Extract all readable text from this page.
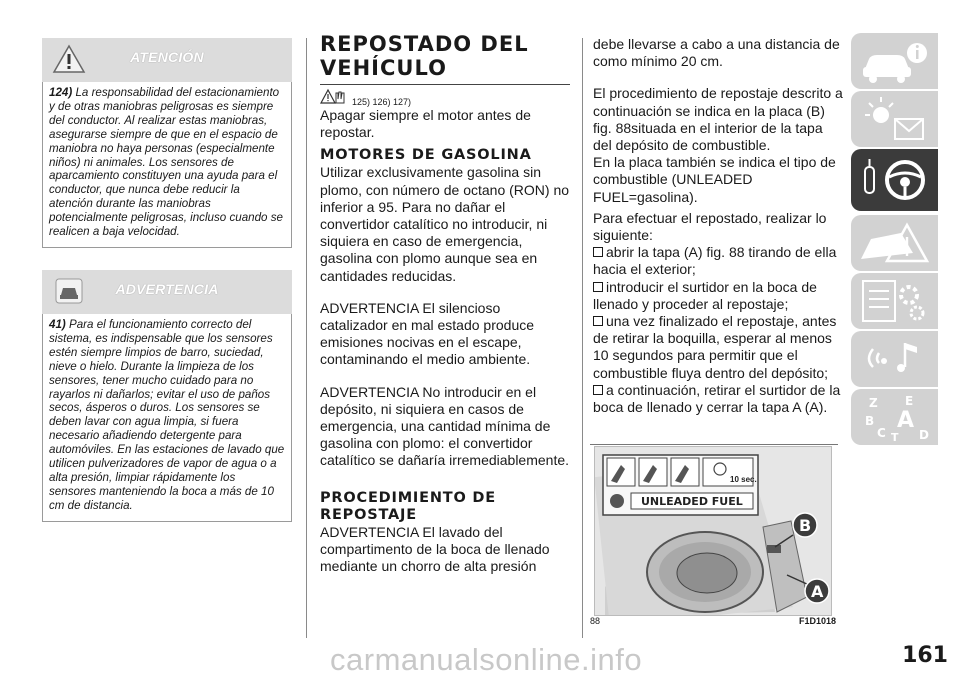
ATENCIÓN

124) La responsabilidad del estacionamiento y de otras maniobras peligrosas es siempre del conductor. Al realizar estas maniobras, asegurarse siempre de que en el espacio de maniobra no haya personas (especialmente niños) ni animales. Los sensores de aparcamiento constituyen una ayuda para el conductor, que nunca debe reducir la atención durante las maniobras potencialmente peligrosas, incluso cuando se realicen a baja velocidad.

ADVERTENCIA

41) Para el funcionamiento correcto del sistema, es indispensable que los sensores estén siempre limpios de barro, suciedad, nieve o hielo. Durante la limpieza de los sensores, tener mucho cuidado para no rayarlos ni dañarlos; evitar el uso de paños secos, ásperos o duros. Los sensores se deben lavar con agua limpia, si fuera necesario añadiendo detergente para automóviles. En las estaciones de lavado que utilicen pulverizadores de vapor de agua o a alta presión, limpiar rápidamente los sensores manteniendo la boca a más de 10 cm de distancia.

REPOSTADO DEL
VEHÍCULO
125) 126) 127)

Apagar siempre el motor antes de repostar.

MOTORES DE GASOLINA

Utilizar exclusivamente gasolina sin plomo, con número de octano (RON) no inferior a 95. Para no dañar el convertidor catalítico no introducir, ni siquiera en caso de emergencia, gasolina con plomo aunque sea en cantidades reducidas.

ADVERTENCIA El silencioso catalizador en mal estado produce emisiones nocivas en el escape, contaminando el medio ambiente.

ADVERTENCIA No introducir en el depósito, ni siquiera en casos de emergencia, una cantidad mínima de gasolina con plomo: el convertidor catalítico se dañaría irremediablemente.

PROCEDIMIENTO DE
REPOSTAJE

ADVERTENCIA El lavado del compartimento de la boca de llenado mediante un chorro de alta presión

debe llevarse a cabo a una distancia de como mínimo 20 cm.

El procedimiento de repostaje descrito a continuación se indica en la placa (B) fig. 88situada en el interior de la tapa del depósito de combustible.

En la placa también se indica el tipo de combustible (UNLEADED FUEL=gasolina).

Para efectuar el repostado, realizar lo siguiente:

abrir la tapa (A) fig. 88 tirando de ella hacia el exterior;

introducir el surtidor en la boca de llenado y proceder al repostaje;

una vez finalizado el repostaje, antes de retirar la boquilla, esperar al menos 10 segundos para permitir que el combustible fluya dentro del depósito;

a continuación, retirar el surtidor de la boca de llenado y cerrar la tapa A (A).

10 sec.
UNLEADED FUEL
B
A
88	F1D1018
Z E
B A
C T D
carmanualsonline.info	161
